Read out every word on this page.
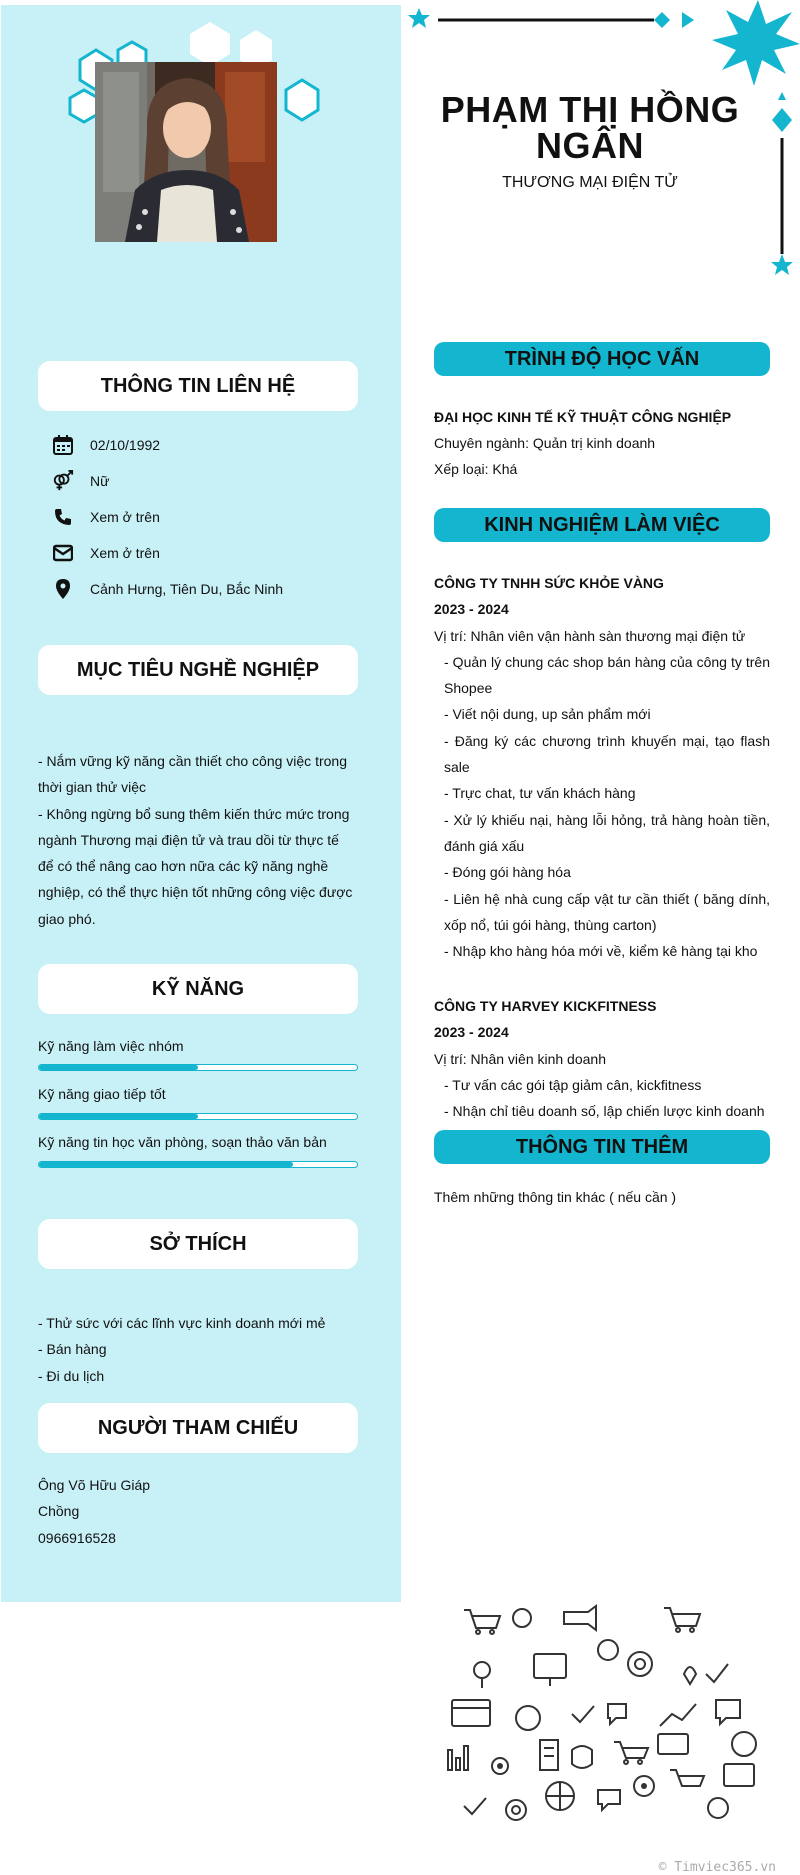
THÔNG TIN LIÊN HỆ
02/10/1992
Nữ
Xem ở trên
Xem ở trên
Cảnh Hưng, Tiên Du, Bắc Ninh
MỤC TIÊU NGHỀ NGHIỆP
- Nắm vững kỹ năng cần thiết cho công việc trong
thời gian thử việc
- Không ngừng bổ sung thêm kiến thức mức trong
ngành Thương mại điện tử và trau dồi từ thực tế
để có thể nâng cao hơn nữa các kỹ năng nghề
nghiệp, có thể thực hiện tốt những công việc được
giao phó.
KỸ NĂNG
Kỹ năng làm việc nhóm
Kỹ năng giao tiếp tốt
Kỹ năng tin học văn phòng, soạn thảo văn bản
SỞ THÍCH
- Thử sức với các lĩnh vực kinh doanh mới mẻ
- Bán hàng
- Đi du lịch
NGƯỜI THAM CHIẾU
Ông Võ Hữu Giáp
Chồng
0966916528
PHẠM THỊ HỒNG
NGÂN
THƯƠNG MẠI ĐIỆN TỬ
TRÌNH ĐỘ HỌC VẤN
ĐẠI HỌC KINH TẾ KỸ THUẬT CÔNG NGHIỆP
Chuyên ngành: Quản trị kinh doanh
Xếp loại: Khá
KINH NGHIỆM LÀM VIỆC
CÔNG TY TNHH SỨC KHỎE VÀNG
2023 - 2024
Vị trí: Nhân viên vận hành sàn thương mại điện tử
- Quản lý chung các shop bán hàng của công ty trên Shopee
- Viết nội dung, up sản phẩm mới
- Đăng ký các chương trình khuyến mại, tạo flash sale
- Trực chat, tư vấn khách hàng
- Xử lý khiếu nại, hàng lỗi hỏng, trả hàng hoàn tiền, đánh giá xấu
- Đóng gói hàng hóa
- Liên hệ nhà cung cấp vật tư cần thiết ( băng dính, xốp nổ, túi gói hàng, thùng carton)
- Nhập kho hàng hóa mới về, kiểm kê hàng tại kho
CÔNG TY HARVEY KICKFITNESS
2023 - 2024
Vị trí: Nhân viên kinh doanh
- Tư vấn các gói tập giảm cân, kickfitness
- Nhận chỉ tiêu doanh số, lập chiến lược kinh doanh
THÔNG TIN THÊM
Thêm những thông tin khác ( nếu cần )
© Timviec365.vn
